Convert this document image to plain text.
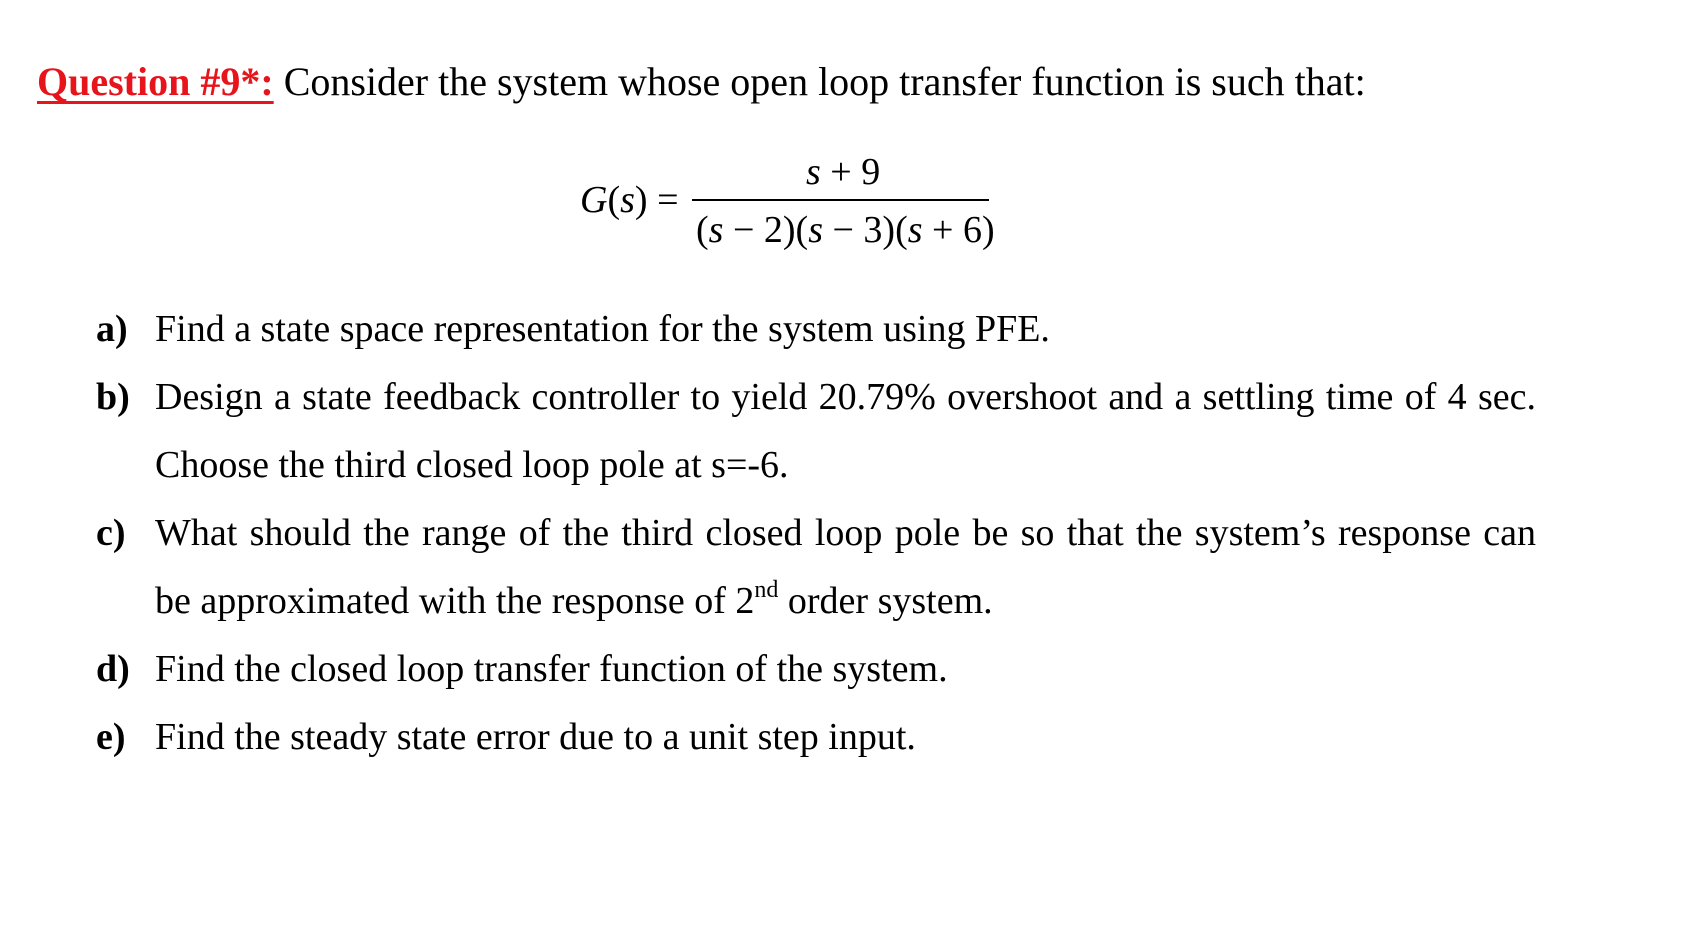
Question #9*: Consider the system whose open loop transfer function is such that:
G(s) =
s + 9
(s − 2)(s − 3)(s + 6)
a) Find a state space representation for the system using PFE.
b) Design a state feedback controller to yield 20.79% overshoot and a settling time of 4 sec. Choose the third closed loop pole at s=-6.
c) What should the range of the third closed loop pole be so that the system’s response can be approximated with the response of 2nd order system.
d) Find the closed loop transfer function of the system.
e) Find the steady state error due to a unit step input.
